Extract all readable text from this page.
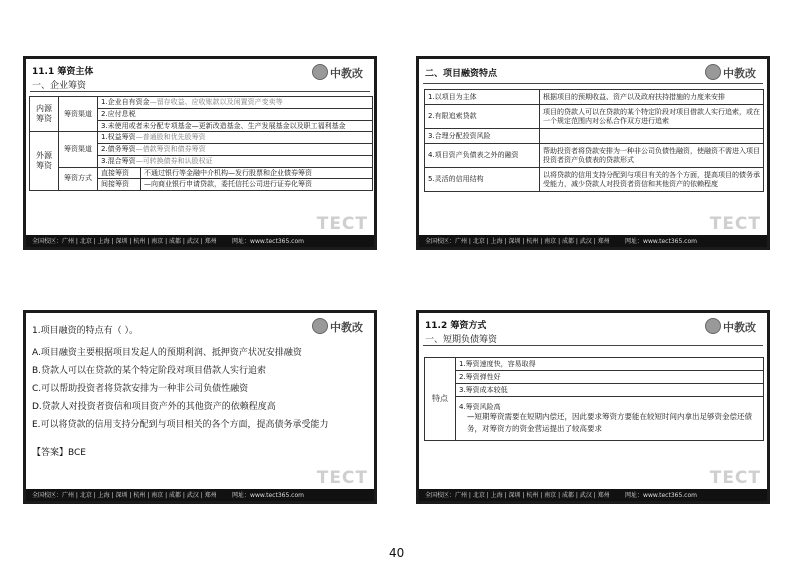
11.1 筹资主体
一、企业筹资
中教改
内源筹资	筹资渠道	1.企业自有资金—留存收益、应收账款以及闲置资产变卖等	
		2.应付息税	
		3.未使用或者未分配专项基金—更新改造基金、生产发展基金以及职工福利基金	
外源筹资	筹资渠道	1.权益筹资—普通股和优先股筹资	
		2.债务筹资—借款筹资和债券筹资	
		3.混合筹资—可转换债券和认股权证	
	筹资方式	直接筹资	不通过银行等金融中介机构—发行股票和企业债券筹资
		间接筹资	—向商业银行申请贷款，委托信托公司进行证券化筹资
TECT
全国校区：广州 | 北京 | 上海 | 深圳 | 杭州 | 南京 | 成都 | 武汉 | 郑州	网址：www.tect365.com
二、项目融资特点	中教改
1.以项目为主体	根据项目的预期收益、资产以及政府扶持措施的力度来安排
2.有限追索贷款	项目的贷款人可以在贷款的某个特定阶段对项目借款人实行追索，或在一个规定范围内对公私合作双方进行追索
3.合理分配投资风险	
4.项目资产负债表之外的融资	帮助投资者将贷款安排为一种非公司负债性融资，使融资不需进入项目投资者资产负债表的贷款形式
5.灵活的信用结构	以将贷款的信用支持分配到与项目有关的各个方面，提高项目的债务承受能力，减少贷款人对投资者资信和其他资产的依赖程度
TECT
全国校区：广州 | 北京 | 上海 | 深圳 | 杭州 | 南京 | 成都 | 武汉 | 郑州	网址：www.tect365.com
中教改
1.项目融资的特点有（ ）。
A.项目融资主要根据项目发起人的预期利润、抵押资产状况安排融资
B.贷款人可以在贷款的某个特定阶段对项目借款人实行追索
C.可以帮助投资者将贷款安排为一种非公司负债性融资
D.贷款人对投资者资信和项目资产外的其他资产的依赖程度高
E.可以将贷款的信用支持分配到与项目相关的各个方面，提高债务承受能力
【答案】BCE
TECT
全国校区：广州 | 北京 | 上海 | 深圳 | 杭州 | 南京 | 成都 | 武汉 | 郑州	网址：www.tect365.com
11.2 筹资方式
一、短期负债筹资
中教改
特点	1.筹资速度快，容易取得
2.筹资弹性好
3.筹资成本较低

4.筹资风险高
—短期筹资需要在短期内偿还，因此要求筹资方要能在较短时间内拿出足够资金偿还债务，对筹资方的资金营运提出了较高要求
TECT
全国校区：广州 | 北京 | 上海 | 深圳 | 杭州 | 南京 | 成都 | 武汉 | 郑州	网址：www.tect365.com
40
